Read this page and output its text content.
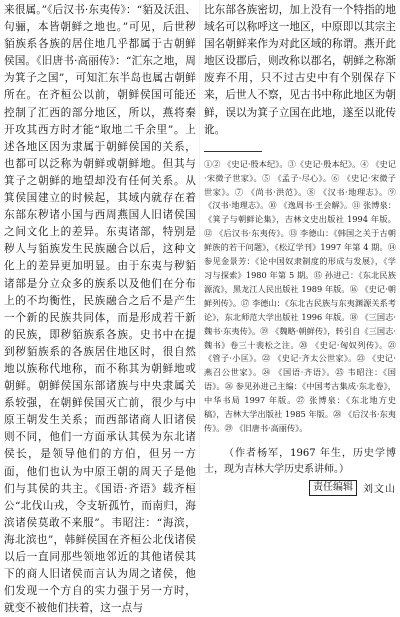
来很属。”《后汉书·东夷传》：“貊及沃沮、句骊，本皆朝鲜之地也。”可见，后世秽貊族系各族的居住地几乎都属于古朝鲜侯国。《旧唐书·高丽传》：“汇东之地，周为箕子之国”，可知汇东半岛也属古朝鲜所在。在齐桓公以前，朝鲜侯国可能还控制了汇西的部分地区，所以，燕将秦开攻其西方时才能“取地二千余里”。上述各地区因为隶属于朝鲜侯国的关系，也都可以泛称为朝鲜或朝鲜地。但其与箕子之朝鲜的地望却没有任何关系。从箕侯国建立的时候起，其域内就存在着东部东秽诸小国与西周燕国人旧诸侯国之间文化上的差异。东夷诸部，特别是秽人与貊族发生民族融合以后，这种文化上的差异更加明显。由于东夷与秽貊诸部是分立众多的族系以及他们在分布上的不均衡性，民族融合之后不是产生一个新的民族共同体，而是形成若干新的民族，即秽貊族系各族。史书中在提到秽貊族系的各族居住地区时，很自然地以族称代地称，而不称其为朝鲜地或朝鲜。朝鲜侯国东部诸族与中央隶属关系较强，在朝鲜侯国灭亡前，很少与中原王朝发生关系；而西部诸商人旧诸侯则不同，他们一方面承认其侯为东北诸侯长，是领导他们的方伯，但另一方面，他们也认为中原王朝的周天子是他们与其侯的共主。《国语·齐语》载齐桓公“北伐山戎，令支斩孤竹，而南归，海滨诸侯莫敢不来服”。韦昭注：“海滨，海北滨也”，韩鲜侯国在齐桓公北伐诸侯以后一直同那些领地邻近的其他诸侯其下的商人旧诸侯而言认为周之诸侯，他们发现一个方自的实力强于另一方时，就变不被他们扶着，这一点与

比东部各族密切，加上没有一个特指的地域名可以称呼这一地区，中原即以其宗主国名朝鲜来作为对此区域的称谓。燕开此地区设郡后，则改称以郡名，朝鲜之称渐废弃不用，只不过古史中有个别保存下来，后世人不察，见古书中称此地区为朝鲜，误以为箕子立国在此地，遂至以讹传讹。

①② 《史记·殷本纪》。③《史记·殷本纪》。④ 《史记·宋微子世家》。⑤ 《孟子·尽心》。⑥ 《史记·宋微子世家》。⑦ 《尚书·洪范》。⑧ 《汉书·地理志》。⑨ 《汉书·地理志》。⑩ 《逸周书·王会解》。⑪ 张博泉：《箕子与朝鲜论集》，吉林文史出版社 1994 年版。⑫ 《后汉书·东夷传》。⑬ 李德山：《韩国之关于古朝鲜族的若干问题》，《松辽学刊》1997 年第 4 期。⑭ 参见金景芳：《论中国奴隶制度的形成与发展》，《学习与探索》1980 年第 5 期。⑮ 孙进己：《东北民族源流》，黑龙江人民出版社 1989 年版。⑯ 《史记·朝鲜列传》。⑰ 李德山：《东北古民族与东夷渊源关系考论》，东北师范大学出版社 1996 年版。⑱ 《三国志·魏书·东夷传》。⑲ 《魏略·朝鲜传》，转引自《三国志·魏书》卷三十裴松之注。⑳ 《史记·匈奴列传》。㉑ 《管子·小匡》。㉒ 《史记·齐太公世家》。㉓ 《史记·燕召公世家》。㉔ 《国语·齐语》。㉕ 韦昭注：《国语》。㉖ 参见孙进己主编：《中国考古集成·东北卷》，中华书局 1997 年版。㉗ 张博泉：《东北地方史稿》，吉林大学出版社 1985 年版。㉘ 《后汉书·东夷传》。㉙ 《旧唐书·高丽传》。

（作者杨军，1967 年生，历史学博士，现为吉林大学历史系讲师。）

责任编辑	刘文山
